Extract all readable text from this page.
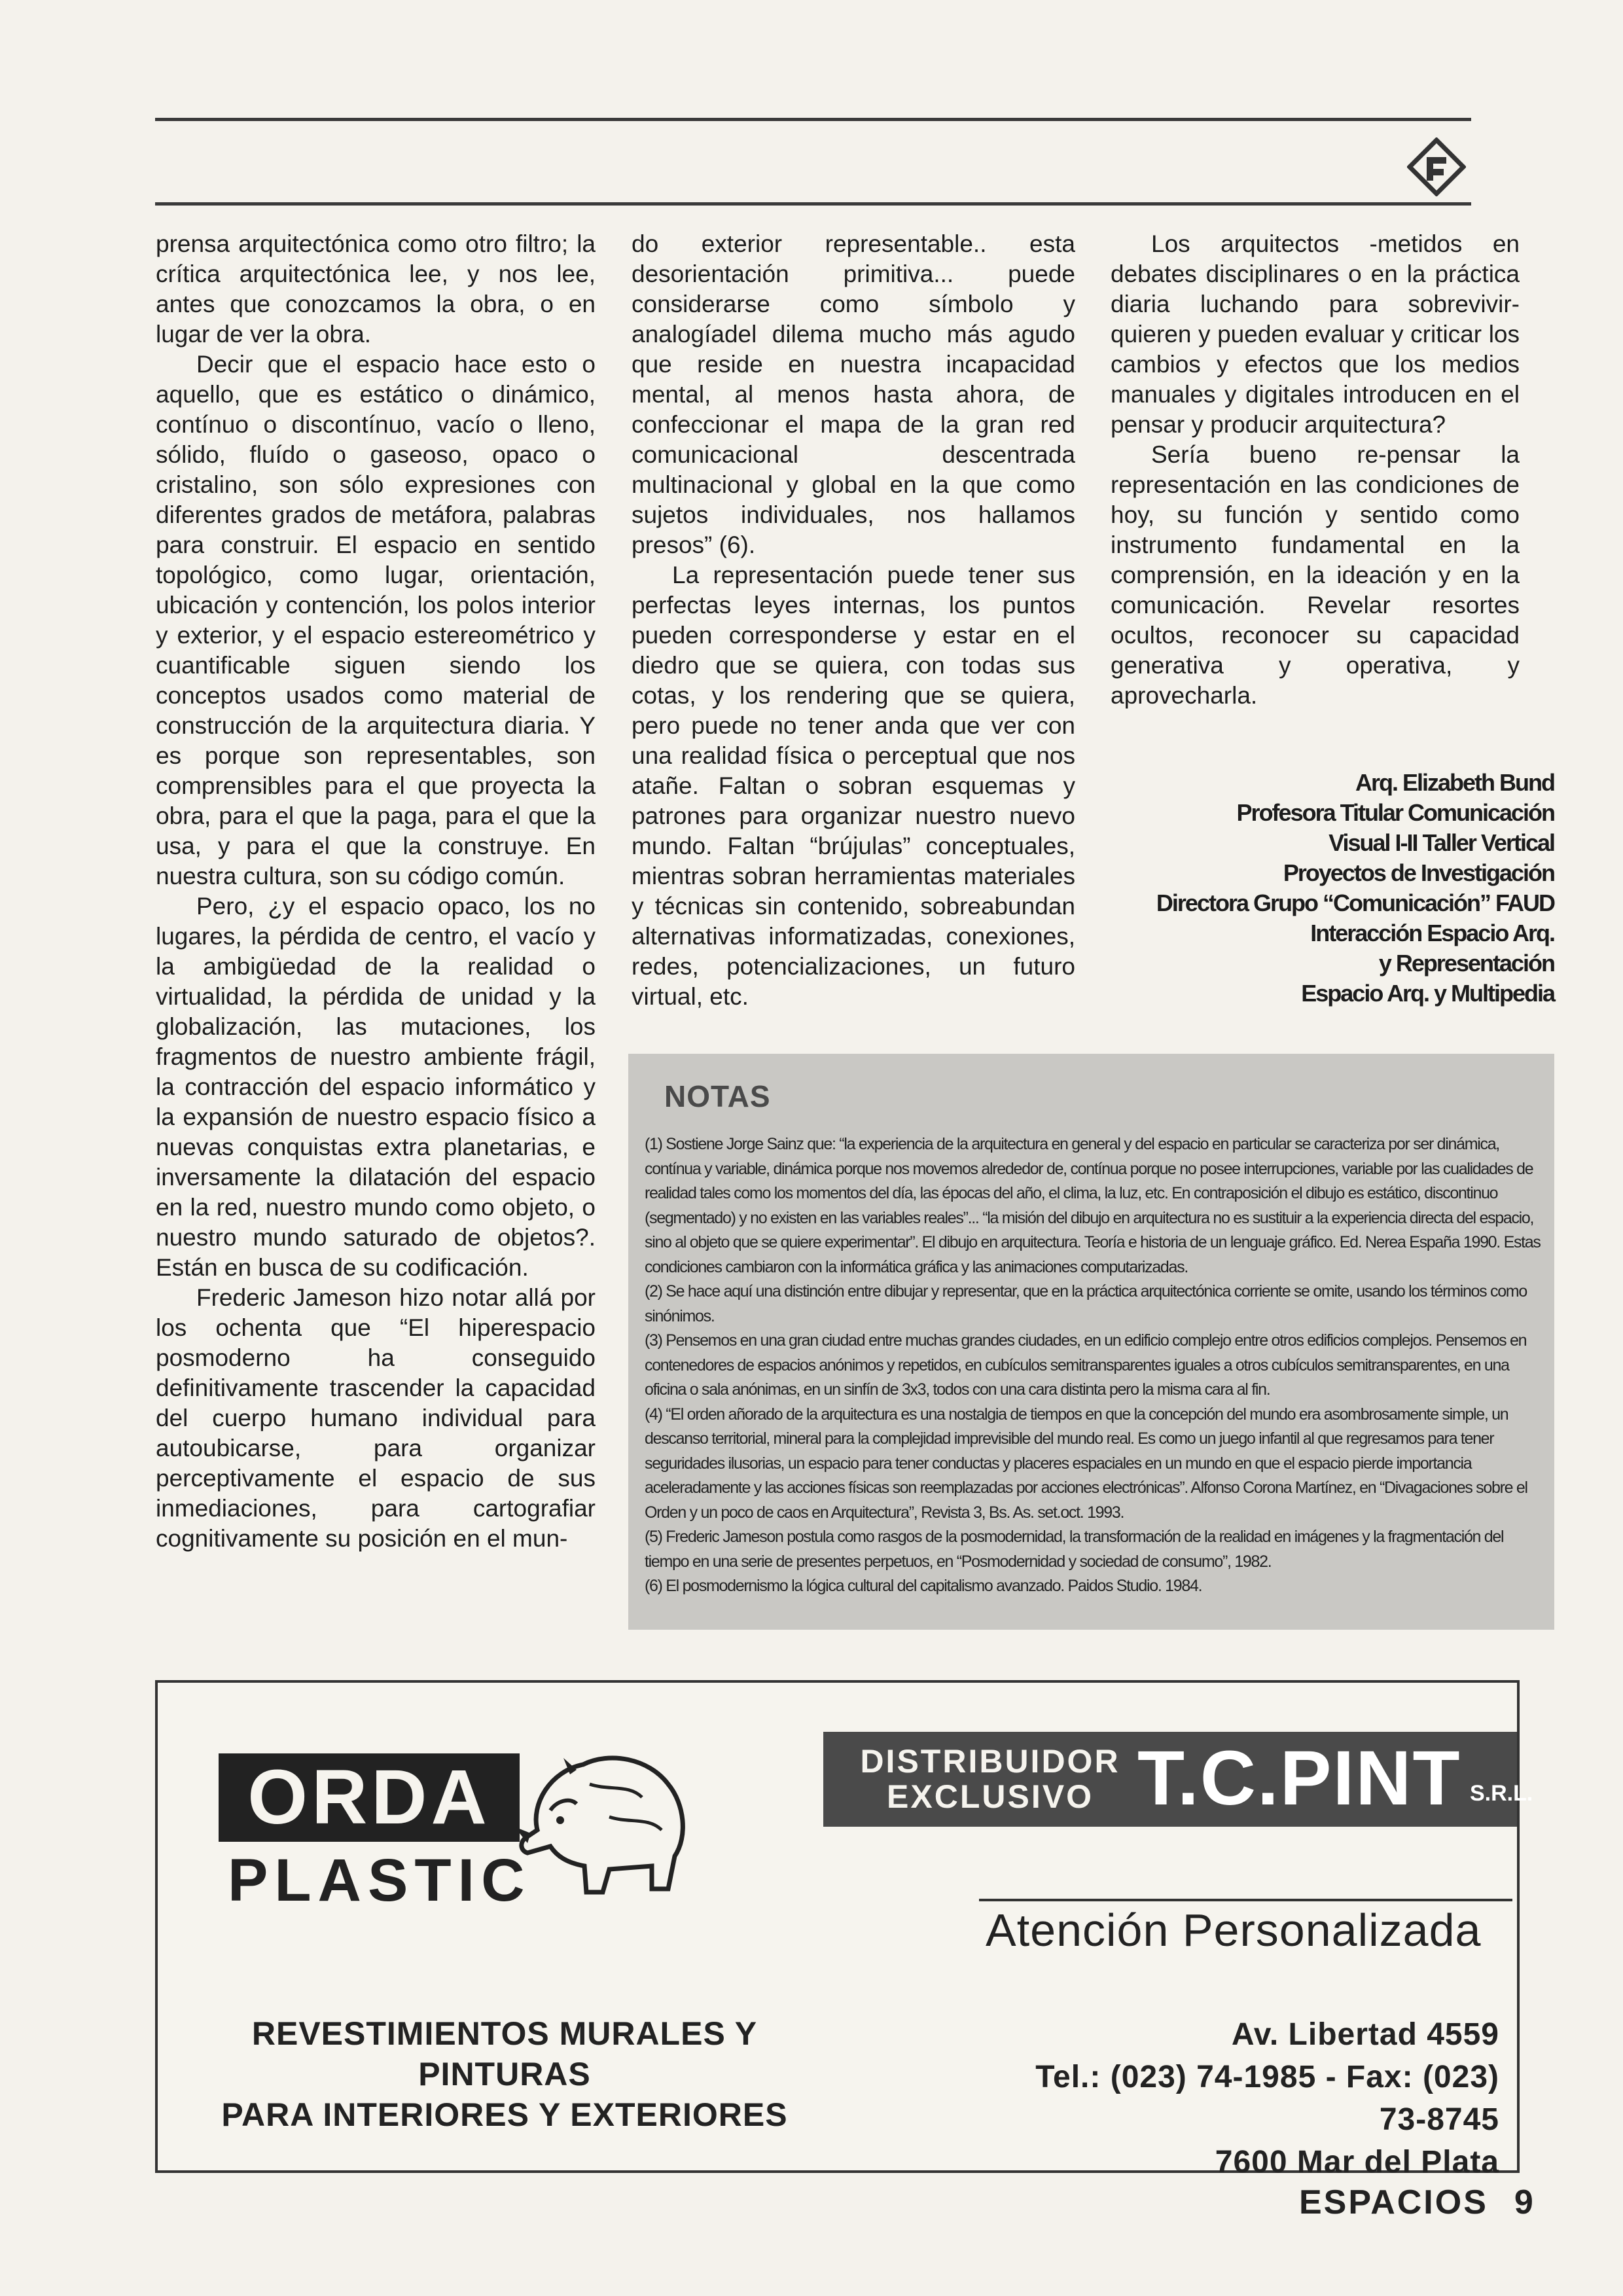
prensa arquitectónica como otro filtro; la crítica arquitectónica lee, y nos lee, antes que conozcamos la obra, o en lugar de ver la obra.

Decir que el espacio hace esto o aquello, que es estático o dinámico, contínuo o discontínuo, vacío o lleno, sólido, fluído o gaseoso, opaco o cristalino, son sólo expresiones con diferentes grados de metáfora, palabras para construir. El espacio en sentido topológico, como lugar, orientación, ubicación y contención, los polos interior y exterior, y el espacio estereométrico y cuantificable siguen siendo los conceptos usados como material de construcción de la arquitectura diaria. Y es porque son representables, son comprensibles para el que proyecta la obra, para el que la paga, para el que la usa, y para el que la construye. En nuestra cultura, son su código común.

Pero, ¿y el espacio opaco, los no lugares, la pérdida de centro, el vacío y la ambigüedad de la realidad o virtualidad, la pérdida de unidad y la globalización, las mutaciones, los fragmentos de nuestro ambiente frágil, la contracción del espacio informático y la expansión de nuestro espacio físico a nuevas conquistas extra planetarias, e inversamente la dilatación del espacio en la red, nuestro mundo como objeto, o nuestro mundo saturado de objetos?. Están en busca de su codificación.

Frederic Jameson hizo notar allá por los ochenta que “El hiperespacio posmoderno ha conseguido definitivamente trascender la capacidad del cuerpo humano individual para autoubicarse, para organizar perceptivamente el espacio de sus inmediaciones, para cartografiar cognitivamente su posición en el mun-

do exterior representable.. esta desorientación primitiva... puede considerarse como símbolo y analogíadel dilema mucho más agudo que reside en nuestra incapacidad mental, al menos hasta ahora, de confeccionar el mapa de la gran red comunicacional descentrada multinacional y global en la que como sujetos individuales, nos hallamos presos” (6).

La representación puede tener sus perfectas leyes internas, los puntos pueden corresponderse y estar en el diedro que se quiera, con todas sus cotas, y los rendering que se quiera, pero puede no tener anda que ver con una realidad física o perceptual que nos atañe. Faltan o sobran esquemas y patrones para organizar nuestro nuevo mundo. Faltan “brújulas” conceptuales, mientras sobran herramientas materiales y técnicas sin contenido, sobreabundan alternativas informatizadas, conexiones, redes, potencializaciones, un futuro virtual, etc.

Los arquitectos -metidos en debates disciplinares o en la práctica diaria luchando para sobrevivir- quieren y pueden evaluar y criticar los cambios y efectos que los medios manuales y digitales introducen en el pensar y producir arquitectura?

Sería bueno re-pensar la representación en las condiciones de hoy, su función y sentido como instrumento fundamental en la comprensión, en la ideación y en la comunicación. Revelar resortes ocultos, reconocer su capacidad generativa y operativa, y aprovecharla.

Arq. Elizabeth Bund
Profesora Titular Comunicación
Visual I-II Taller Vertical
Proyectos de Investigación
Directora Grupo “Comunicación” FAUD
Interacción Espacio Arq.
y Representación
Espacio Arq. y Multipedia
NOTAS
(1) Sostiene Jorge Sainz que: “la experiencia de la arquitectura en general y del espacio en particular se caracteriza por ser dinámica, contínua y variable, dinámica porque nos movemos alrededor de, contínua porque no posee interrupciones, variable por las cualidades de realidad tales como los momentos del día, las épocas del año, el clima, la luz, etc. En contraposición el dibujo es estático, discontinuo (segmentado) y no existen en las variables reales”... “la misión del dibujo en arquitectura no es sustituir a la experiencia directa del espacio, sino al objeto que se quiere experimentar”. El dibujo en arquitectura. Teoría e historia de un lenguaje gráfico. Ed. Nerea España 1990. Estas condiciones cambiaron con la informática gráfica y las animaciones computarizadas.
(2) Se hace aquí una distinción entre dibujar y representar, que en la práctica arquitectónica corriente se omite, usando los términos como sinónimos.
(3) Pensemos en una gran ciudad entre muchas grandes ciudades, en un edificio complejo entre otros edificios complejos. Pensemos en contenedores de espacios anónimos y repetidos, en cubículos semitransparentes iguales a otros cubículos semitransparentes, en una oficina o sala anónimas, en un sinfín de 3x3, todos con una cara distinta pero la misma cara al fin.
(4) “El orden añorado de la arquitectura es una nostalgia de tiempos en que la concepción del mundo era asombrosamente simple, un descanso territorial, mineral para la complejidad imprevisible del mundo real. Es como un juego infantil al que regresamos para tener seguridades ilusorias, un espacio para tener conductas y placeres espaciales en un mundo en que el espacio pierde importancia aceleradamente y las acciones físicas son reemplazadas por acciones electrónicas”. Alfonso Corona Martínez, en “Divagaciones sobre el Orden y un poco de caos en Arquitectura”, Revista 3, Bs. As. set.oct. 1993.
(5) Frederic Jameson postula como rasgos de la posmodernidad, la transformación de la realidad en imágenes y la fragmentación del tiempo en una serie de presentes perpetuos, en “Posmodernidad y sociedad de consumo”, 1982.
(6) El posmodernismo la lógica cultural del capitalismo avanzado. Paidos Studio. 1984.
ORDA
PLASTIC
REVESTIMIENTOS MURALES Y PINTURAS
PARA INTERIORES Y EXTERIORES
DISTRIBUIDOR
EXCLUSIVO T.C.PINT S.R.L.
Atención Personalizada
Av. Libertad 4559
Tel.: (023) 74-1985 - Fax: (023) 73-8745
7600 Mar del Plata
ESPACIOS 9
